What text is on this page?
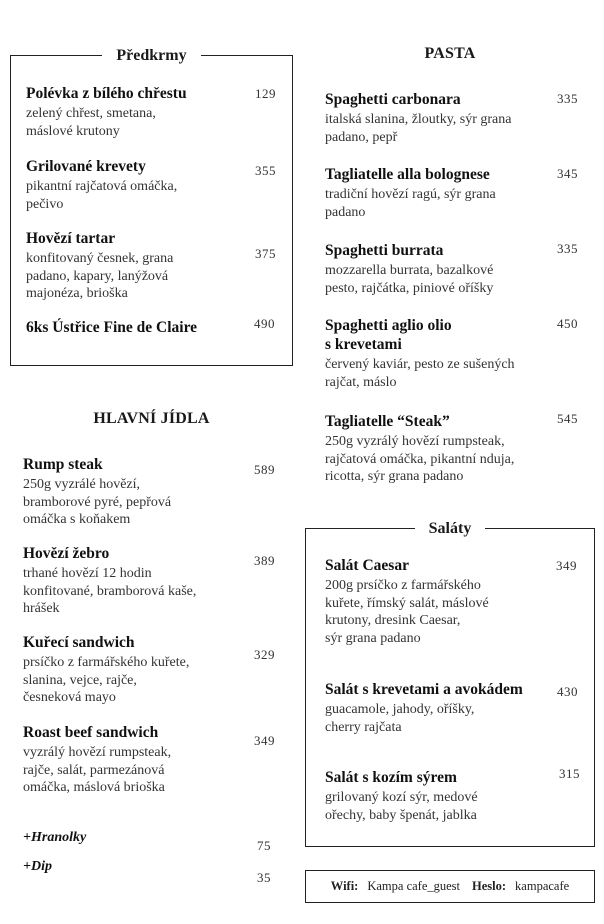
Předkrmy
Polévka z bílého chřestu
zelený chřest, smetana,
máslové krutony
129
Grilované krevety
pikantní rajčatová omáčka,
pečivo
355
Hovězí tartar
konfitovaný česnek, grana
padano, kapary, lanýžová
majonéza, brioška
375
6ks Ústřice Fine de Claire	490
HLAVNÍ JÍDLA
Rump steak
250g vyzrálé hovězí,
bramborové pyré, pepřová
omáčka s koňakem
589
Hovězí žebro
trhané hovězí 12 hodin
konfitované, bramborová kaše,
hrášek
389
Kuřecí sandwich
prsíčko z farmářského kuřete,
slanina, vejce, rajče,
česneková mayo
329
Roast beef sandwich
vyzrálý hovězí rumpsteak,
rajče, salát, parmezánová
omáčka, máslová brioška
349
+Hranolky
75
+Dip
35
PASTA
Spaghetti carbonara
italská slanina, žloutky, sýr grana
padano, pepř
335
Tagliatelle alla bolognese
tradiční hovězí ragú, sýr grana
padano
345
Spaghetti burrata
mozzarella burrata, bazalkové
pesto, rajčátka, piniové oříšky
335
Spaghetti aglio olio
s krevetami
červený kaviár, pesto ze sušených
rajčat, máslo
450
Tagliatelle “Steak”
250g vyzrálý hovězí rumpsteak,
rajčatová omáčka, pikantní nduja,
ricotta, sýr grana padano
545
Saláty
Salát Caesar
200g prsíčko z farmářského
kuřete, římský salát, máslové
krutony, dresink Caesar,
sýr grana padano
349
Salát s krevetami a avokádem
guacamole, jahody, oříšky,
cherry rajčata
430
Salát s kozím sýrem
grilovaný kozí sýr, medové
ořechy, baby špenát, jablka
315
Wifi: Kampa cafe_guest Heslo: kampacafe
